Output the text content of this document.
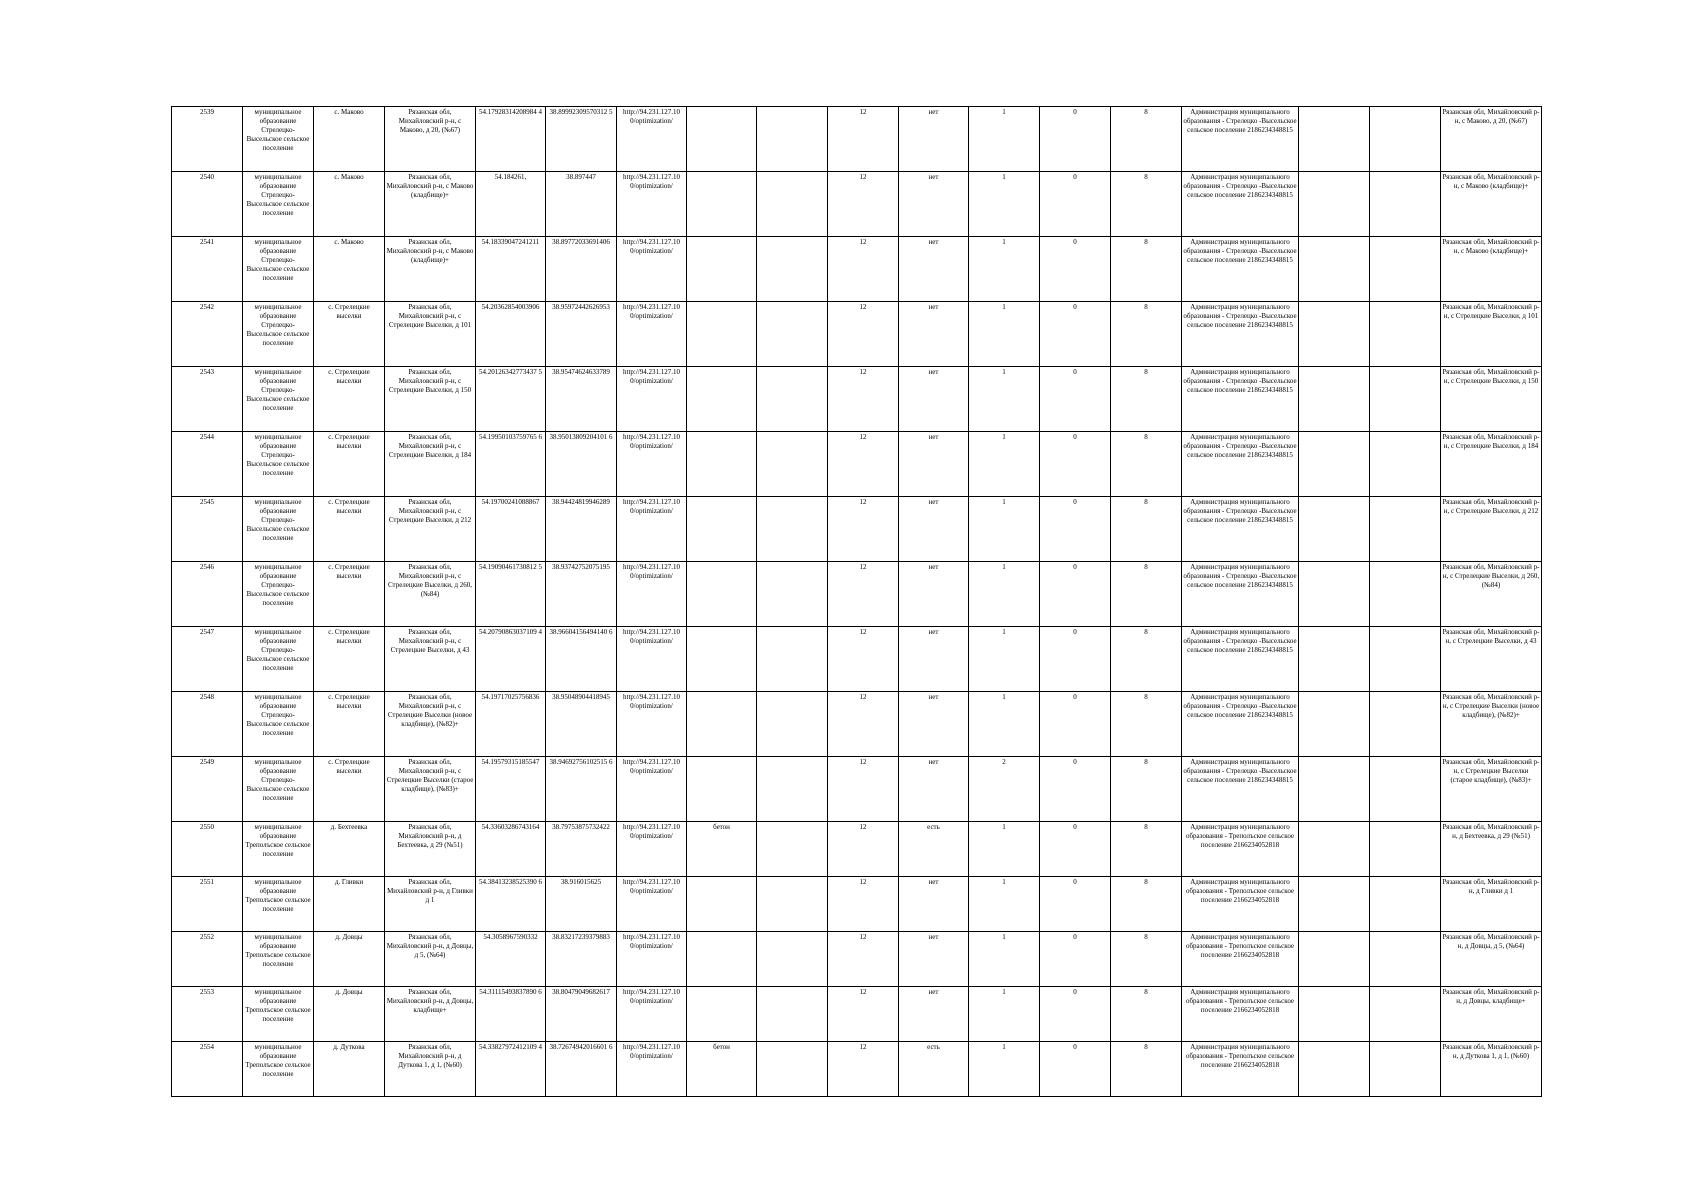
2539	муниципальное образование Стрелецко-Высельское сельское поселение	с. Маково	Рязанская обл, Михайловский р-н, с Маково, д 20, (№67)	54.17928314208984 4	38.89992309570312 5	http://94.231.127.10 0/optimization/			12	нет	1	0	8	Администрация муниципального образования - Стрелецко -Высельское сельское поселение 2186234348815			Рязанская обл, Михайловский р-н, с Маково, д 20, (№67)
2540	муниципальное образование Стрелецко-Высельское сельское поселение	с. Маково	Рязанская обл, Михайловский р-н, с Маково (кладбище)+	54.184261,	38.897447	http://94.231.127.10 0/optimization/			12	нет	1	0	8	Администрация муниципального образования - Стрелецко -Высельское сельское поселение 2186234348815			Рязанская обл, Михайловский р-н, с Маково (кладбище)+
2541	муниципальное образование Стрелецко-Высельское сельское поселение	с. Маково	Рязанская обл, Михайловский р-н, с Маково (кладбище)+	54.18339047241211	38.89772033691406	http://94.231.127.10 0/optimization/			12	нет	1	0	8	Администрация муниципального образования - Стрелецко -Высельское сельское поселение 2186234348815			Рязанская обл, Михайловский р-н, с Маково (кладбище)+
2542	муниципальное образование Стрелецко-Высельское сельское поселение	с. Стрелецкие выселки	Рязанская обл, Михайловский р-н, с Стрелецкие Выселки, д 101	54.20362854003906	38.95972442626953	http://94.231.127.10 0/optimization/			12	нет	1	0	8	Администрация муниципального образования - Стрелецко -Высельское сельское поселение 2186234348815			Рязанская обл, Михайловский р-н, с Стрелецкие Выселки, д 101
2543	муниципальное образование Стрелецко-Высельское сельское поселение	с. Стрелецкие выселки	Рязанская обл, Михайловский р-н, с Стрелецкие Выселки, д 150	54.20126342773437 5	38.95474624633789	http://94.231.127.10 0/optimization/			12	нет	1	0	8	Администрация муниципального образования - Стрелецко -Высельское сельское поселение 2186234348815			Рязанская обл, Михайловский р-н, с Стрелецкие Выселки, д 150
2544	муниципальное образование Стрелецко-Высельское сельское поселение	с. Стрелецкие выселки	Рязанская обл, Михайловский р-н, с Стрелецкие Выселки, д 184	54.19950103759765 6	38.95013809204101 6	http://94.231.127.10 0/optimization/			12	нет	1	0	8	Администрация муниципального образования - Стрелецко -Высельское сельское поселение 2186234348815			Рязанская обл, Михайловский р-н, с Стрелецкие Выселки, д 184
2545	муниципальное образование Стрелецко-Высельское сельское поселение	с. Стрелецкие выселки	Рязанская обл, Михайловский р-н, с Стрелецкие Выселки, д 212	54.19700241088867	38.94424819946289	http://94.231.127.10 0/optimization/			12	нет	1	0	8	Администрация муниципального образования - Стрелецко -Высельское сельское поселение 2186234348815			Рязанская обл, Михайловский р-н, с Стрелецкие Выселки, д 212
2546	муниципальное образование Стрелецко-Высельское сельское поселение	с. Стрелецкие выселки	Рязанская обл, Михайловский р-н, с Стрелецкие Выселки, д 260, (№84)	54.19090461730812 5	38.93742752075195	http://94.231.127.10 0/optimization/			12	нет	1	0	8	Администрация муниципального образования - Стрелецко -Высельское сельское поселение 2186234348815			Рязанская обл, Михайловский р-н, с Стрелецкие Выселки, д 260, (№84)
2547	муниципальное образование Стрелецко-Высельское сельское поселение	с. Стрелецкие выселки	Рязанская обл, Михайловский р-н, с Стрелецкие Выселки, д 43	54.20790863037109 4	38.96604156494140 6	http://94.231.127.10 0/optimization/			12	нет	1	0	8	Администрация муниципального образования - Стрелецко -Высельское сельское поселение 2186234348815			Рязанская обл, Михайловский р-н, с Стрелецкие Выселки, д 43
2548	муниципальное образование Стрелецко-Высельское сельское поселение	с. Стрелецкие выселки	Рязанская обл, Михайловский р-н, с Стрелецкие Выселки (новое кладбище), (№82)+	54.19717025756836	38.95048904418945	http://94.231.127.10 0/optimization/			12	нет	1	0	8	Администрация муниципального образования - Стрелецко -Высельское сельское поселение 2186234348815			Рязанская обл, Михайловский р-н, с Стрелецкие Выселки (новое кладбище), (№82)+
2549	муниципальное образование Стрелецко-Высельское сельское поселение	с. Стрелецкие выселки	Рязанская обл, Михайловский р-н, с Стрелецкие Выселки (старое кладбище), (№83)+	54.19579315185547	38.94692756102515 6	http://94.231.127.10 0/optimization/			12	нет	2	0	8	Администрация муниципального образования - Стрелецко -Высельское сельское поселение 2186234348815			Рязанская обл, Михайловский р-н, с Стрелецкие Выселки (старое кладбище), (№83)+
2550	муниципальное образование Треполъское сельское поселение	д. Бехтеевка	Рязанская обл, Михайловский р-н, д Бехтеевка, д 29 (№51)	54.33603286743164	38.79753875732422	http://94.231.127.10 0/optimization/	бетон		12	есть	1	0	8	Администрация муниципального образования - Треполъское сельское поселение 2166234052818			Рязанская обл, Михайловский р-н, д Бехтеевка, д 29 (№51)
2551	муниципальное образование Треполъское сельское поселение	д. Гливки	Рязанская обл, Михайловский р-н, д Гливки д 1	54.38413238525390 6	38.916015625	http://94.231.127.10 0/optimization/			12	нет	1	0	8	Администрация муниципального образования - Треполъское сельское поселение 2166234052818			Рязанская обл, Михайловский р-н, д Гливки д 1
2552	муниципальное образование Треполъское сельское поселение	д. Довцы	Рязанская обл, Михайловский р-н, д Довцы, д 5, (№64)	54.3058967590332	38.83217239379883	http://94.231.127.10 0/optimization/			12	нет	1	0	8	Администрация муниципального образования - Треполъское сельское поселение 2166234052818			Рязанская обл, Михайловский р-н, д Довцы, д 5, (№64)
2553	муниципальное образование Треполъское сельское поселение	д. Довцы	Рязанская обл, Михайловский р-н, д Довцы, кладбище+	54.31115493837890 6	38.80479049682617	http://94.231.127.10 0/optimization/			12	нет	1	0	8	Администрация муниципального образования - Треполъское сельское поселение 2166234052818			Рязанская обл, Михайловский р-н, д Довцы, кладбище+
2554	муниципальное образование Треполъское сельское поселение	д. Дуткова	Рязанская обл, Михайловский р-н, д Дуткова 1, д 1, (№60)	54.33827972412109 4	38.72674942016601 6	http://94.231.127.10 0/optimization/	бетон		12	есть	1	0	8	Администрация муниципального образования - Треполъское сельское поселение 2166234052818			Рязанская обл, Михайловский р-н, д Дуткова 1, д 1, (№60)
